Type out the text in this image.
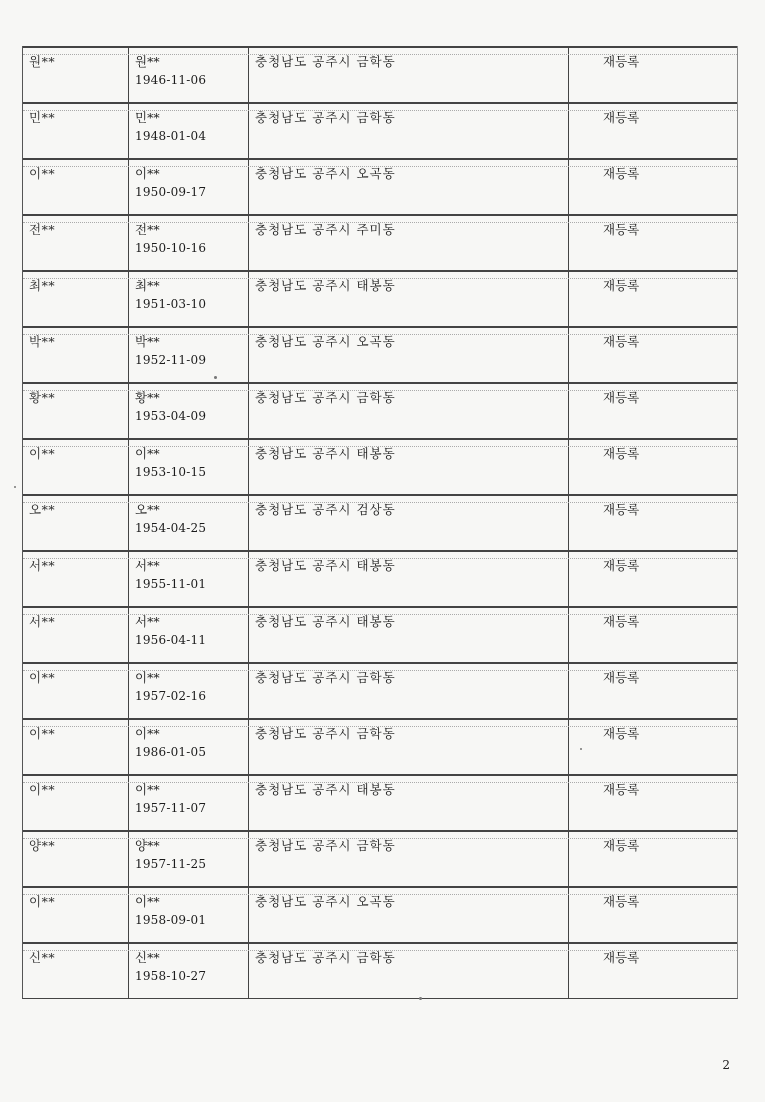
원**	원**
1946-11-06
충청남도 공주시 금학동	재등록
민**	민**
1948-01-04
충청남도 공주시 금학동	재등록
이**	이**
1950-09-17
충청남도 공주시 오곡동	재등록
전**	전**
1950-10-16
충청남도 공주시 주미동	재등록
최**	최**
1951-03-10
충청남도 공주시 태봉동	재등록
박**	박**
1952-11-09
충청남도 공주시 오곡동	재등록
황**	황**
1953-04-09
충청남도 공주시 금학동	재등록
이**	이**
1953-10-15
충청남도 공주시 태봉동	재등록
오**	오**
1954-04-25
충청남도 공주시 검상동	재등록
서**	서**
1955-11-01
충청남도 공주시 태봉동	재등록
서**	서**
1956-04-11
충청남도 공주시 태봉동	재등록
이**	이**
1957-02-16
충청남도 공주시 금학동	재등록
이**	이**
1986-01-05
충청남도 공주시 금학동	재등록
이**	이**
1957-11-07
충청남도 공주시 태봉동	재등록
양**	양**
1957-11-25
충청남도 공주시 금학동	재등록
이**	이**
1958-09-01
충청남도 공주시 오곡동	재등록
신**	신**
1958-10-27
충청남도 공주시 금학동	재등록
2
